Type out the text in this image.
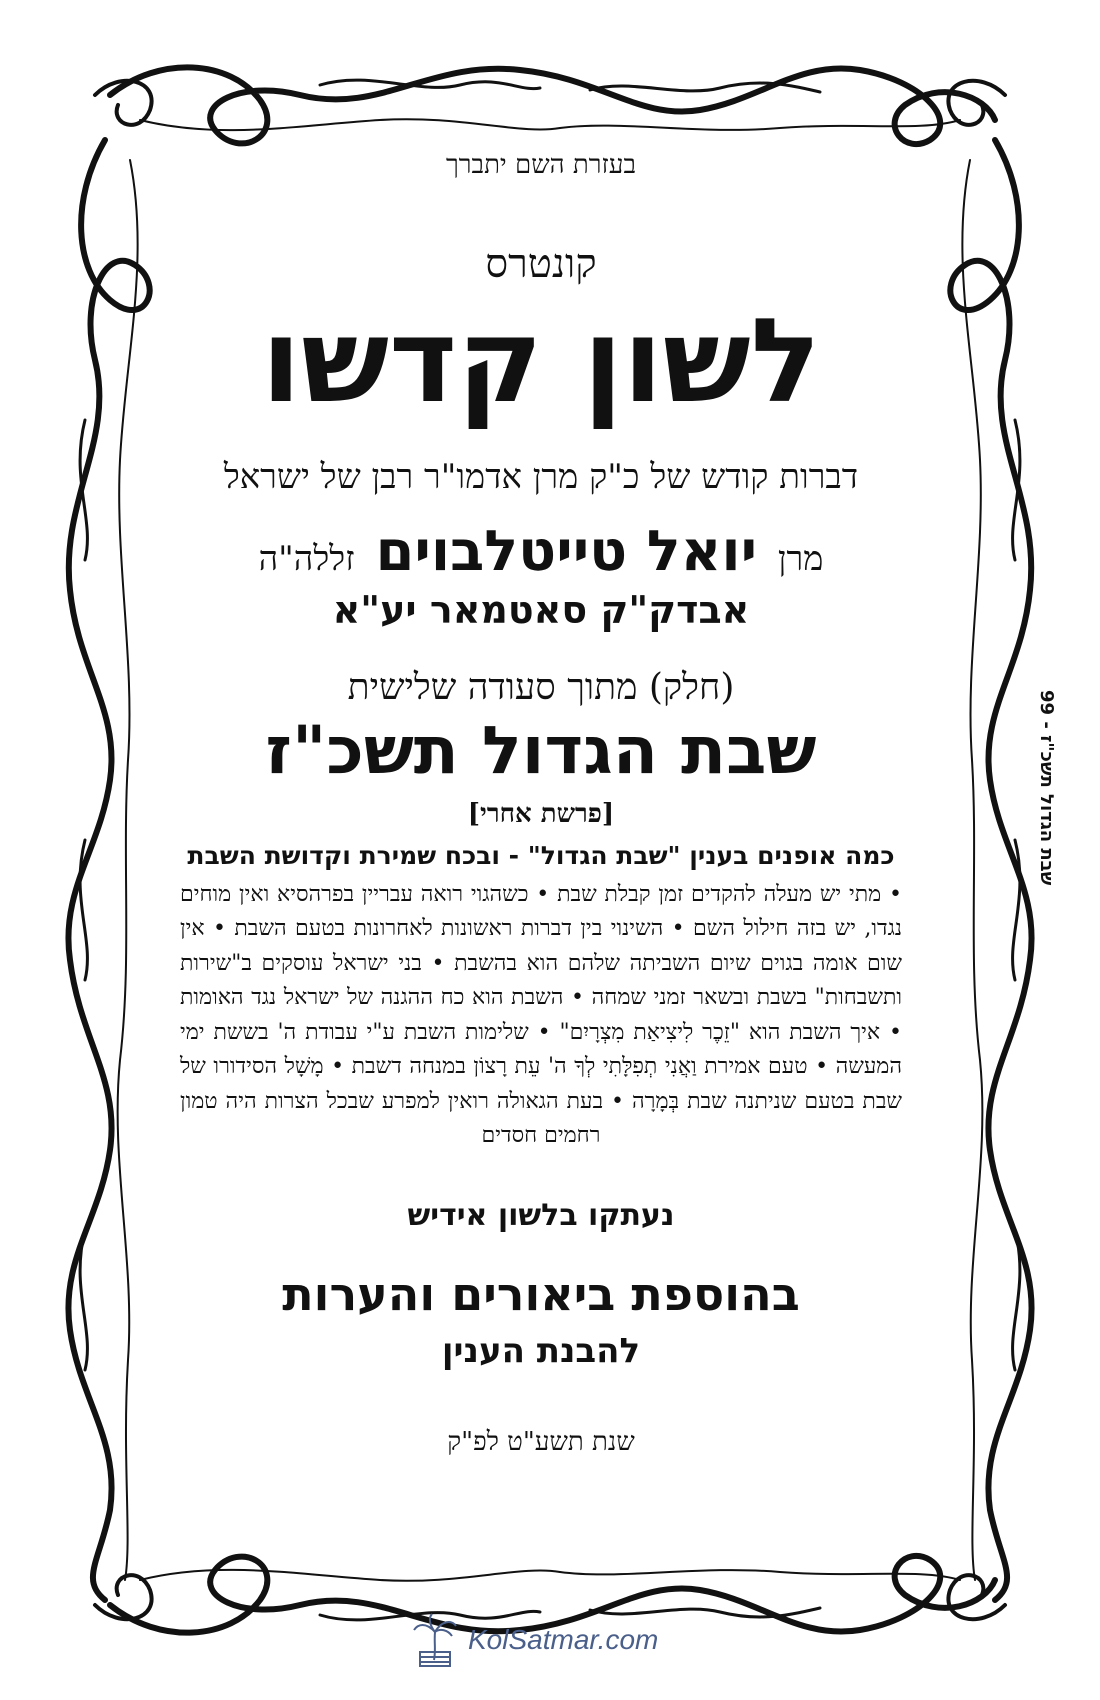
בעזרת השם יתברך

קונטרס

לשון קדשו

דברות קודש של כ"ק מרן אדמו"ר רבן של ישראל

מרן יואל טייטלבוים זללה"ה

אבדק"ק סאטמאר יע"א

(חלק) מתוך סעודה שלישית

שבת הגדול תשכ"ז

[פרשת אחרי]

כמה אופנים בענין "שבת הגדול" - ובכח שמירת וקדושת השבת

• מתי יש מעלה להקדים זמן קבלת שבת • כשהגוי רואה עבריין בפרהסיא ואין מוחים נגדו, יש בזה חילול השם • השינוי בין דברות ראשונות לאחרונות בטעם השבת • אין שום אומה בגוים שיום השביתה שלהם הוא בהשבת • בני ישראל עוסקים ב"שירות ותשבחות" בשבת ובשאר זמני שמחה • השבת הוא כח ההגנה של ישראל נגד האומות • איך השבת הוא "זֵכֶר לִיצִיאַת מִצְרָיִם" • שלימות השבת ע"י עבודת ה' בששת ימי המעשה • טעם אמירת וַאֲנִי תְפִלָּתִי לְךָ ה' עֵת רָצוֹן במנחה דשבת • מָשָׁל הסידורו של שבת בטעם שניתנה שבת בְּמָרָה • בעת הגאולה רואין למפרע שבכל הצרות היה טמון רחמים חסדים

נעתקו בלשון אידיש

בהוספת ביאורים והערות

להבנת הענין

שנת תשע"ט לפ"ק

שבת הגדול תשכ"ז - 99
KolSatmar.com
